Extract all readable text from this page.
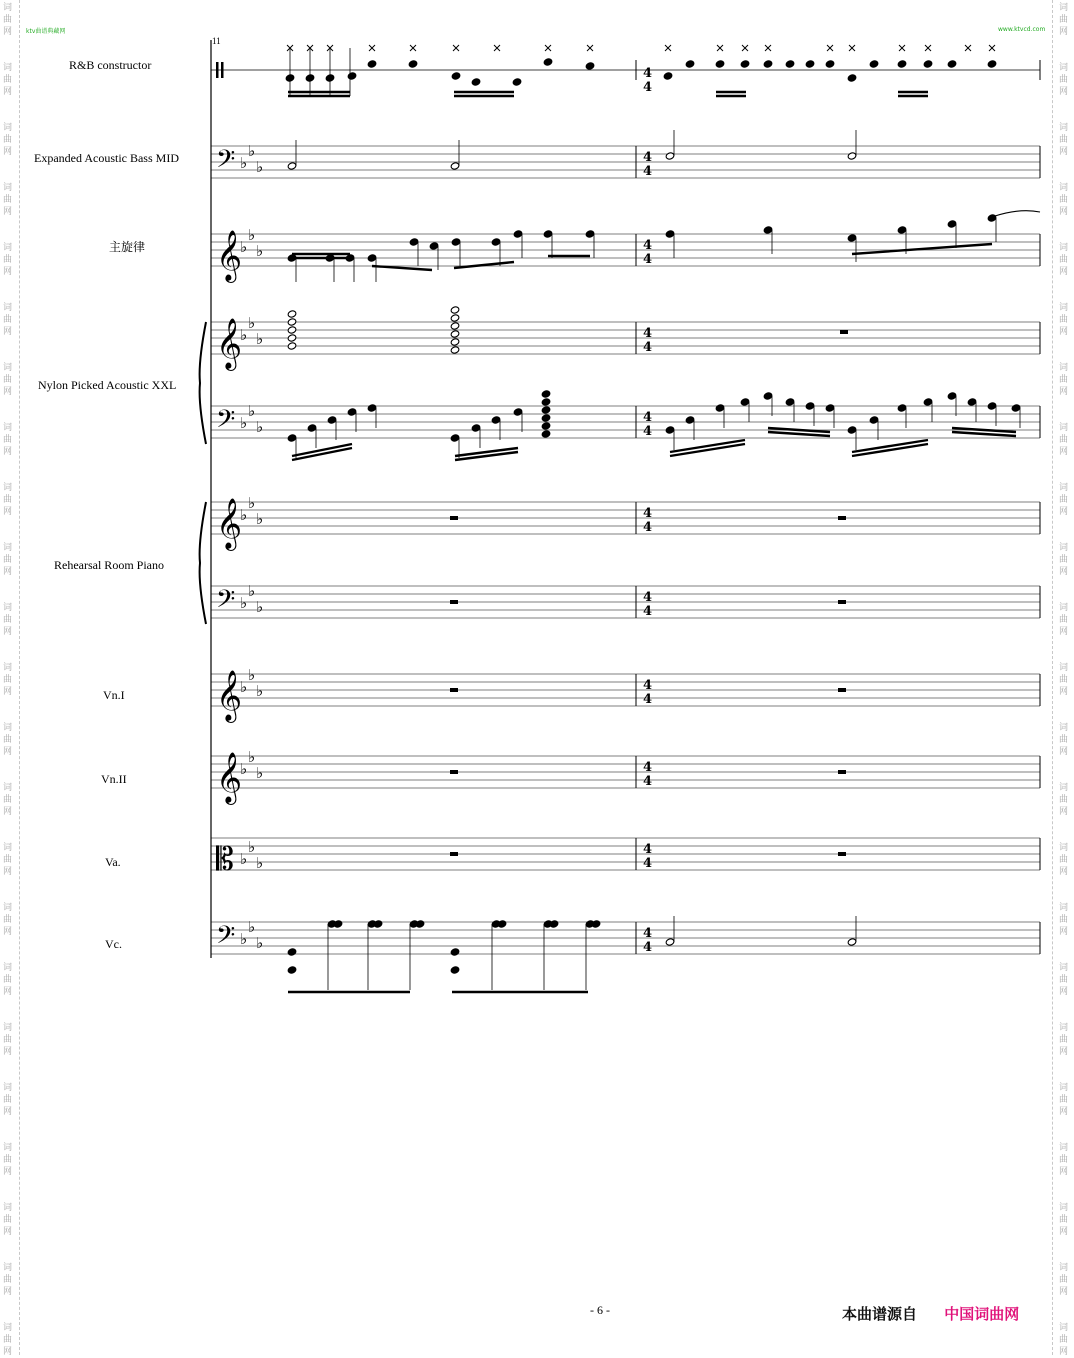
词
曲
网
词
曲
网
词
曲
网
词
曲
网
词
曲
网
词
曲
网
词
曲
网
词
曲
网
词
曲
网
词
曲
网
词
曲
网
词
曲
网
词
曲
网
词
曲
网
词
曲
网
词
曲
网
词
曲
网
词
曲
网
词
曲
网
词
曲
网
词
曲
网
词
曲
网
词
曲
网
词
曲
网
词
曲
网
词
曲
网
词
曲
网
词
曲
网
词
曲
网
词
曲
网
词
曲
网
词
曲
网
词
曲
网
词
曲
网
词
曲
网
词
曲
网
词
曲
网
词
曲
网
词
曲
网
词
曲
网
词
曲
网
词
曲
网
词
曲
网
词
曲
网
词
曲
网
词
曲
网
ktv曲谱典藏网	www.ktvcd.com
11
R&B constructor
Expanded Acoustic Bass MID
主旋律
Nylon Picked Acoustic XXL
Rehearsal Room Piano
Vn.I
Vn.II
Va.
Vc.
𝄢 ♭
♭
♭
𝄞
♭
♭
♭
𝄞
♭
♭
♭
𝄢 ♭
♭
♭
𝄞
♭
♭
♭
𝄢 ♭
♭
♭
𝄞
♭
♭
♭
𝄞
♭
♭
♭
𝄡 ♭
♭
♭
𝄢 ♭
♭
♭
4
4
4
4
4
4
4
4
4
4
4
4
4
4
4
4
4
4
4
4
4
4
- 6 -	本曲谱源自 中国词曲网
